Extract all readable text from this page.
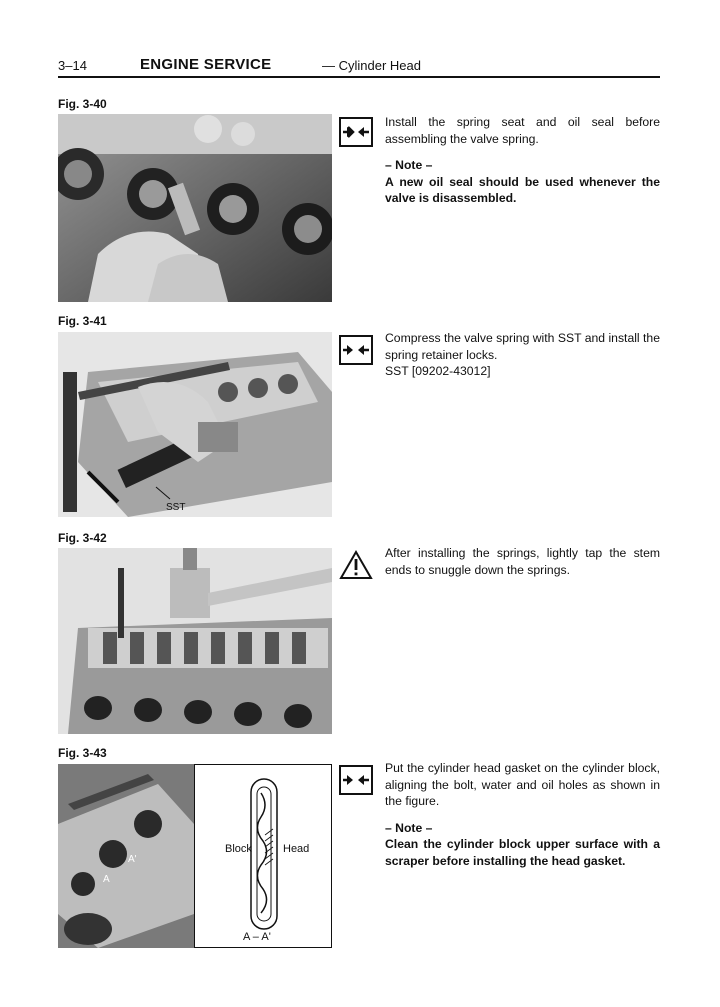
3–14	ENGINE SERVICE	— Cylinder Head
Fig. 3-40

Install the spring seat and oil seal before assembling the valve spring.

– Note –

A new oil seal should be used whenever the valve is disassembled.

Fig. 3-41
SST

Compress the valve spring with SST and install the spring retainer locks.

SST [09202-43012]

Fig. 3-42

After installing the springs, lightly tap the stem ends to snuggle down the springs.

Fig. 3-43
A'
A
Block	Head
A – A'

Put the cylinder head gasket on the cylinder block, aligning the bolt, water and oil holes as shown in the figure.

– Note –

Clean the cylinder block upper surface with a scraper before installing the head gasket.
